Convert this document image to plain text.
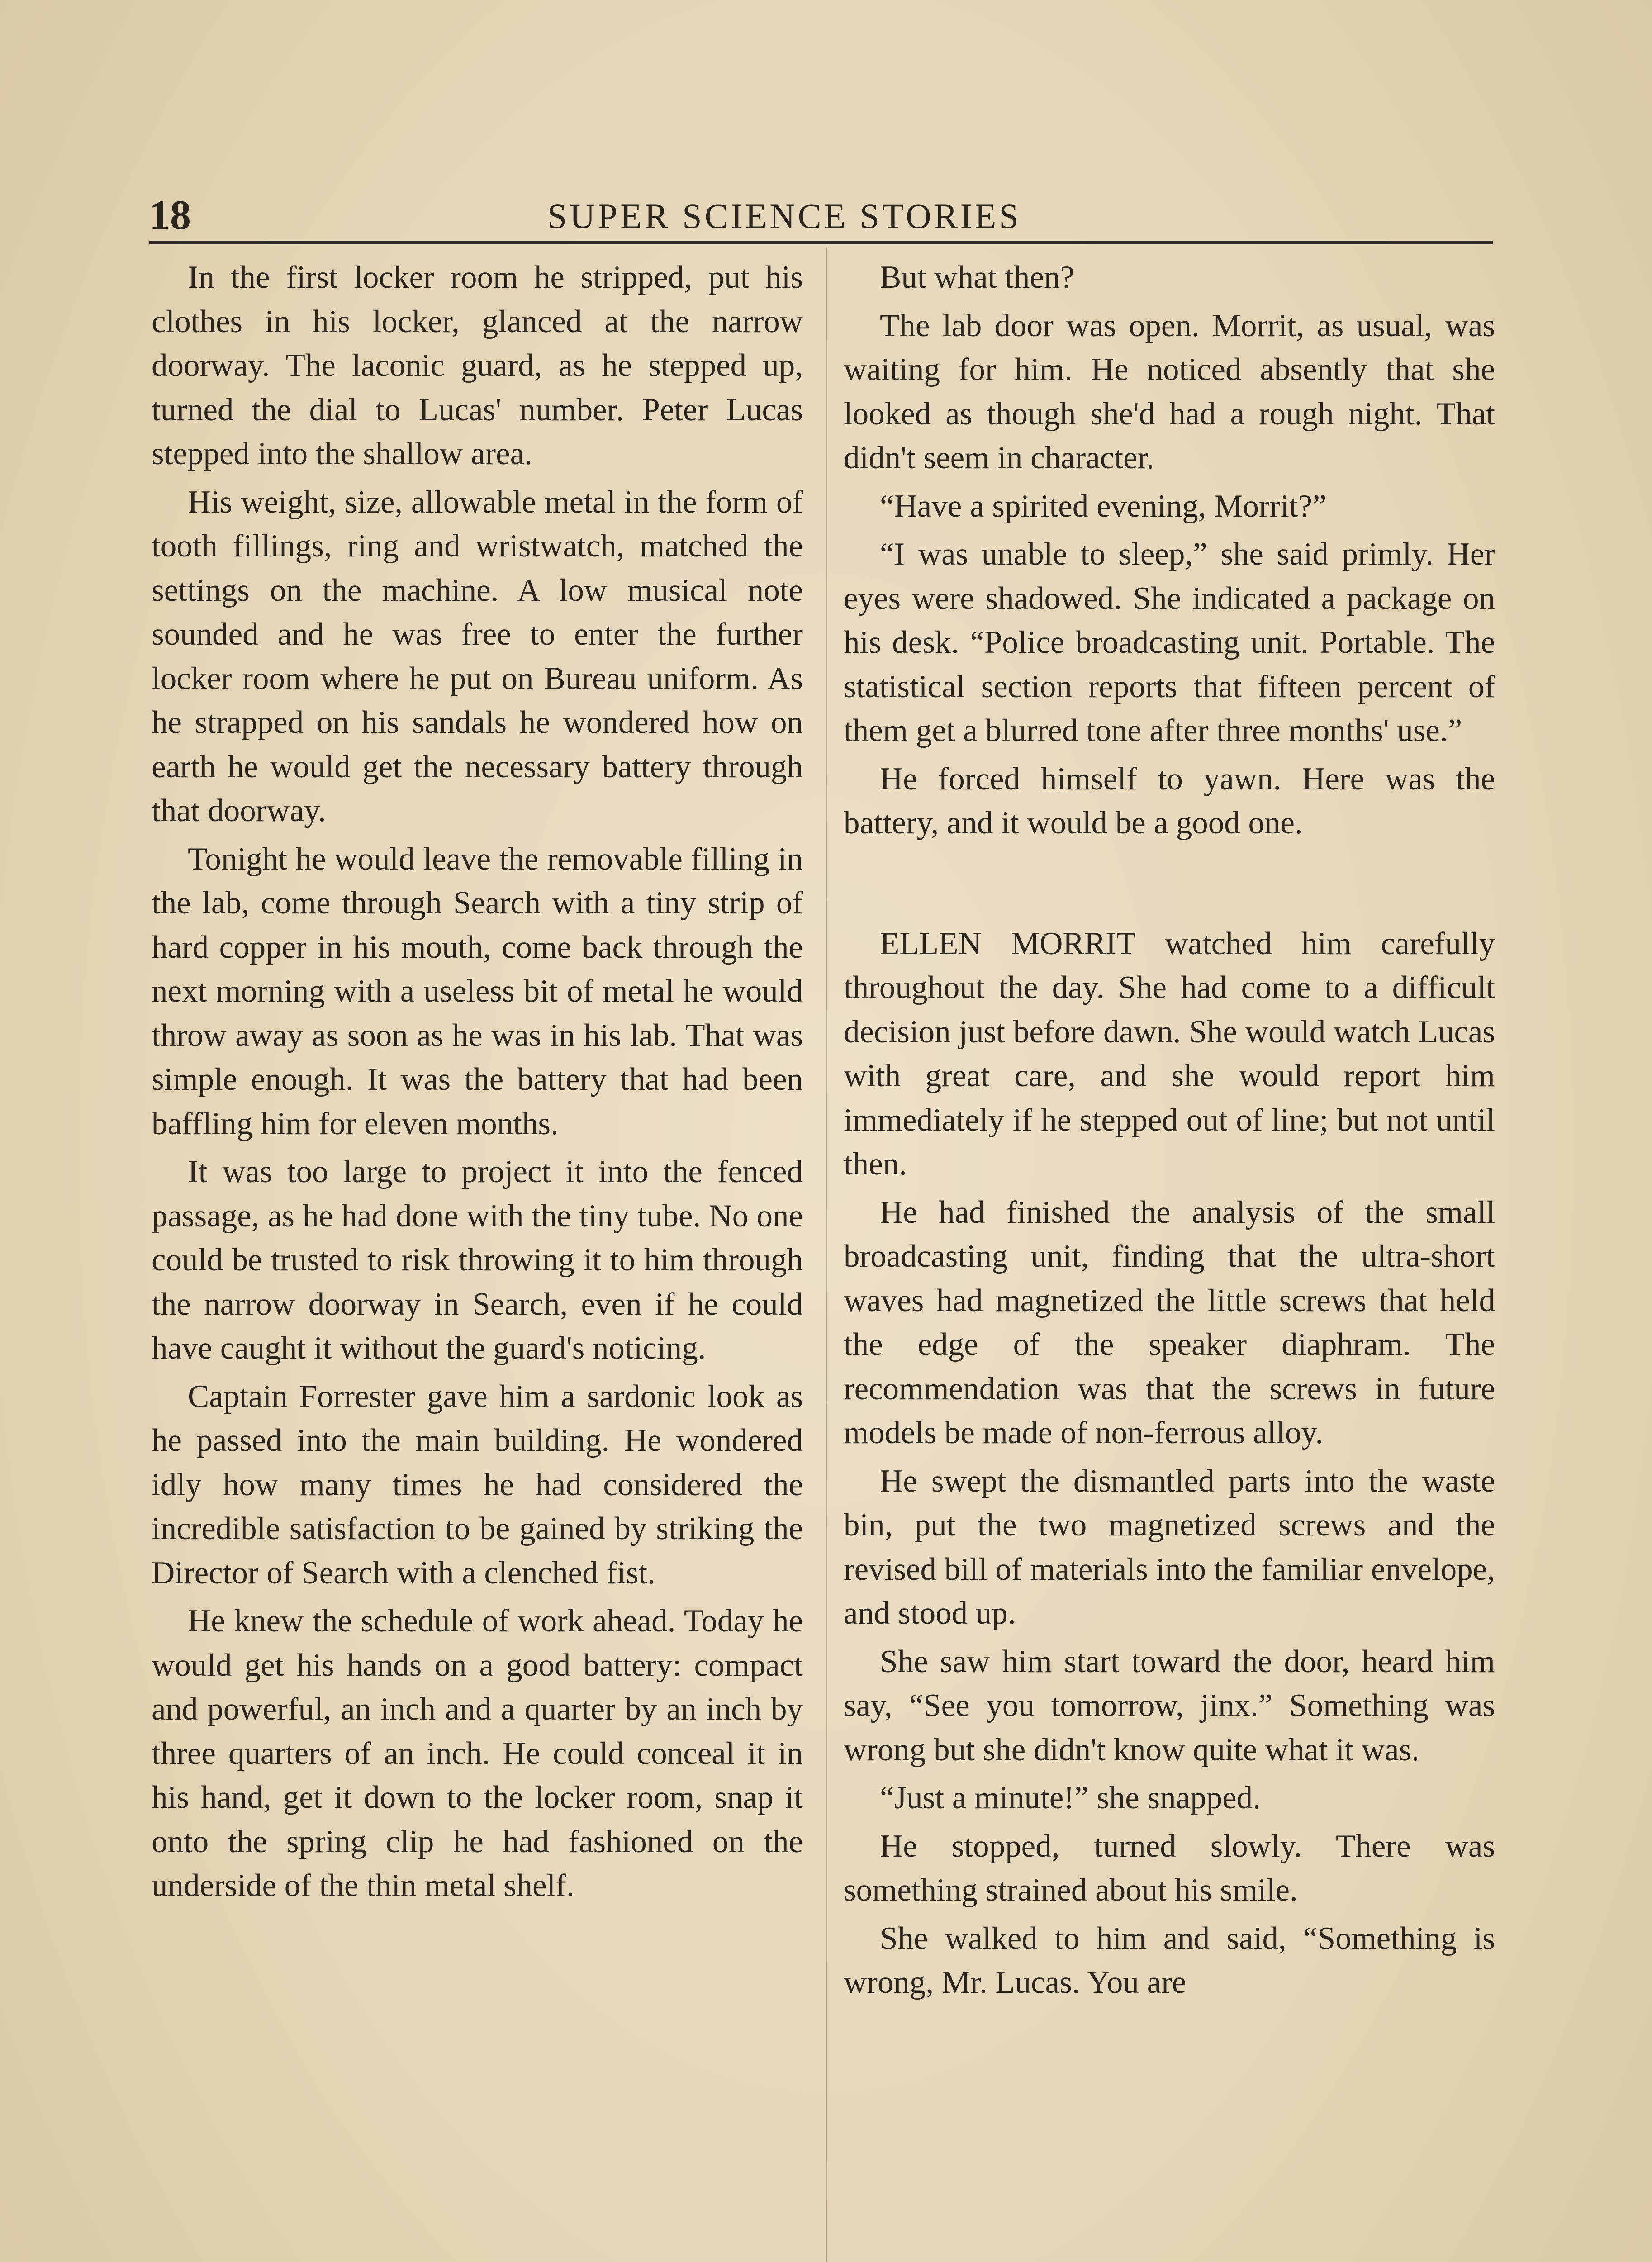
18	SUPER SCIENCE STORIES

In the first locker room he stripped, put his clothes in his locker, glanced at the narrow doorway. The laconic guard, as he stepped up, turned the dial to Lucas' number. Peter Lucas stepped into the shallow area.

His weight, size, allowable metal in the form of tooth fillings, ring and wristwatch, matched the settings on the machine. A low musical note sounded and he was free to enter the further locker room where he put on Bureau uniform. As he strapped on his sandals he wondered how on earth he would get the necessary battery through that doorway.

Tonight he would leave the removable filling in the lab, come through Search with a tiny strip of hard copper in his mouth, come back through the next morning with a useless bit of metal he would throw away as soon as he was in his lab. That was simple enough. It was the battery that had been baffling him for eleven months.

It was too large to project it into the fenced passage, as he had done with the tiny tube. No one could be trusted to risk throwing it to him through the narrow doorway in Search, even if he could have caught it without the guard's noticing.

Captain Forrester gave him a sardonic look as he passed into the main building. He wondered idly how many times he had considered the incredible satisfaction to be gained by striking the Director of Search with a clenched fist.

He knew the schedule of work ahead. Today he would get his hands on a good battery: compact and powerful, an inch and a quarter by an inch by three quarters of an inch. He could conceal it in his hand, get it down to the locker room, snap it onto the spring clip he had fashioned on the underside of the thin metal shelf.

But what then?

The lab door was open. Morrit, as usual, was waiting for him. He noticed absently that she looked as though she'd had a rough night. That didn't seem in character.

“Have a spirited evening, Morrit?”

“I was unable to sleep,” she said primly. Her eyes were shadowed. She indicated a package on his desk. “Police broadcasting unit. Portable. The statistical section reports that fifteen percent of them get a blurred tone after three months' use.”

He forced himself to yawn. Here was the battery, and it would be a good one.

ELLEN MORRIT watched him carefully throughout the day. She had come to a difficult decision just before dawn. She would watch Lucas with great care, and she would report him immediately if he stepped out of line; but not until then.

He had finished the analysis of the small broadcasting unit, finding that the ultra-short waves had magnetized the little screws that held the edge of the speaker diaphram. The recommendation was that the screws in future models be made of non-ferrous alloy.

He swept the dismantled parts into the waste bin, put the two magnetized screws and the revised bill of materials into the familiar envelope, and stood up.

She saw him start toward the door, heard him say, “See you tomorrow, jinx.” Something was wrong but she didn't know quite what it was.

“Just a minute!” she snapped.

He stopped, turned slowly. There was something strained about his smile.

She walked to him and said, “Something is wrong, Mr. Lucas. You are
